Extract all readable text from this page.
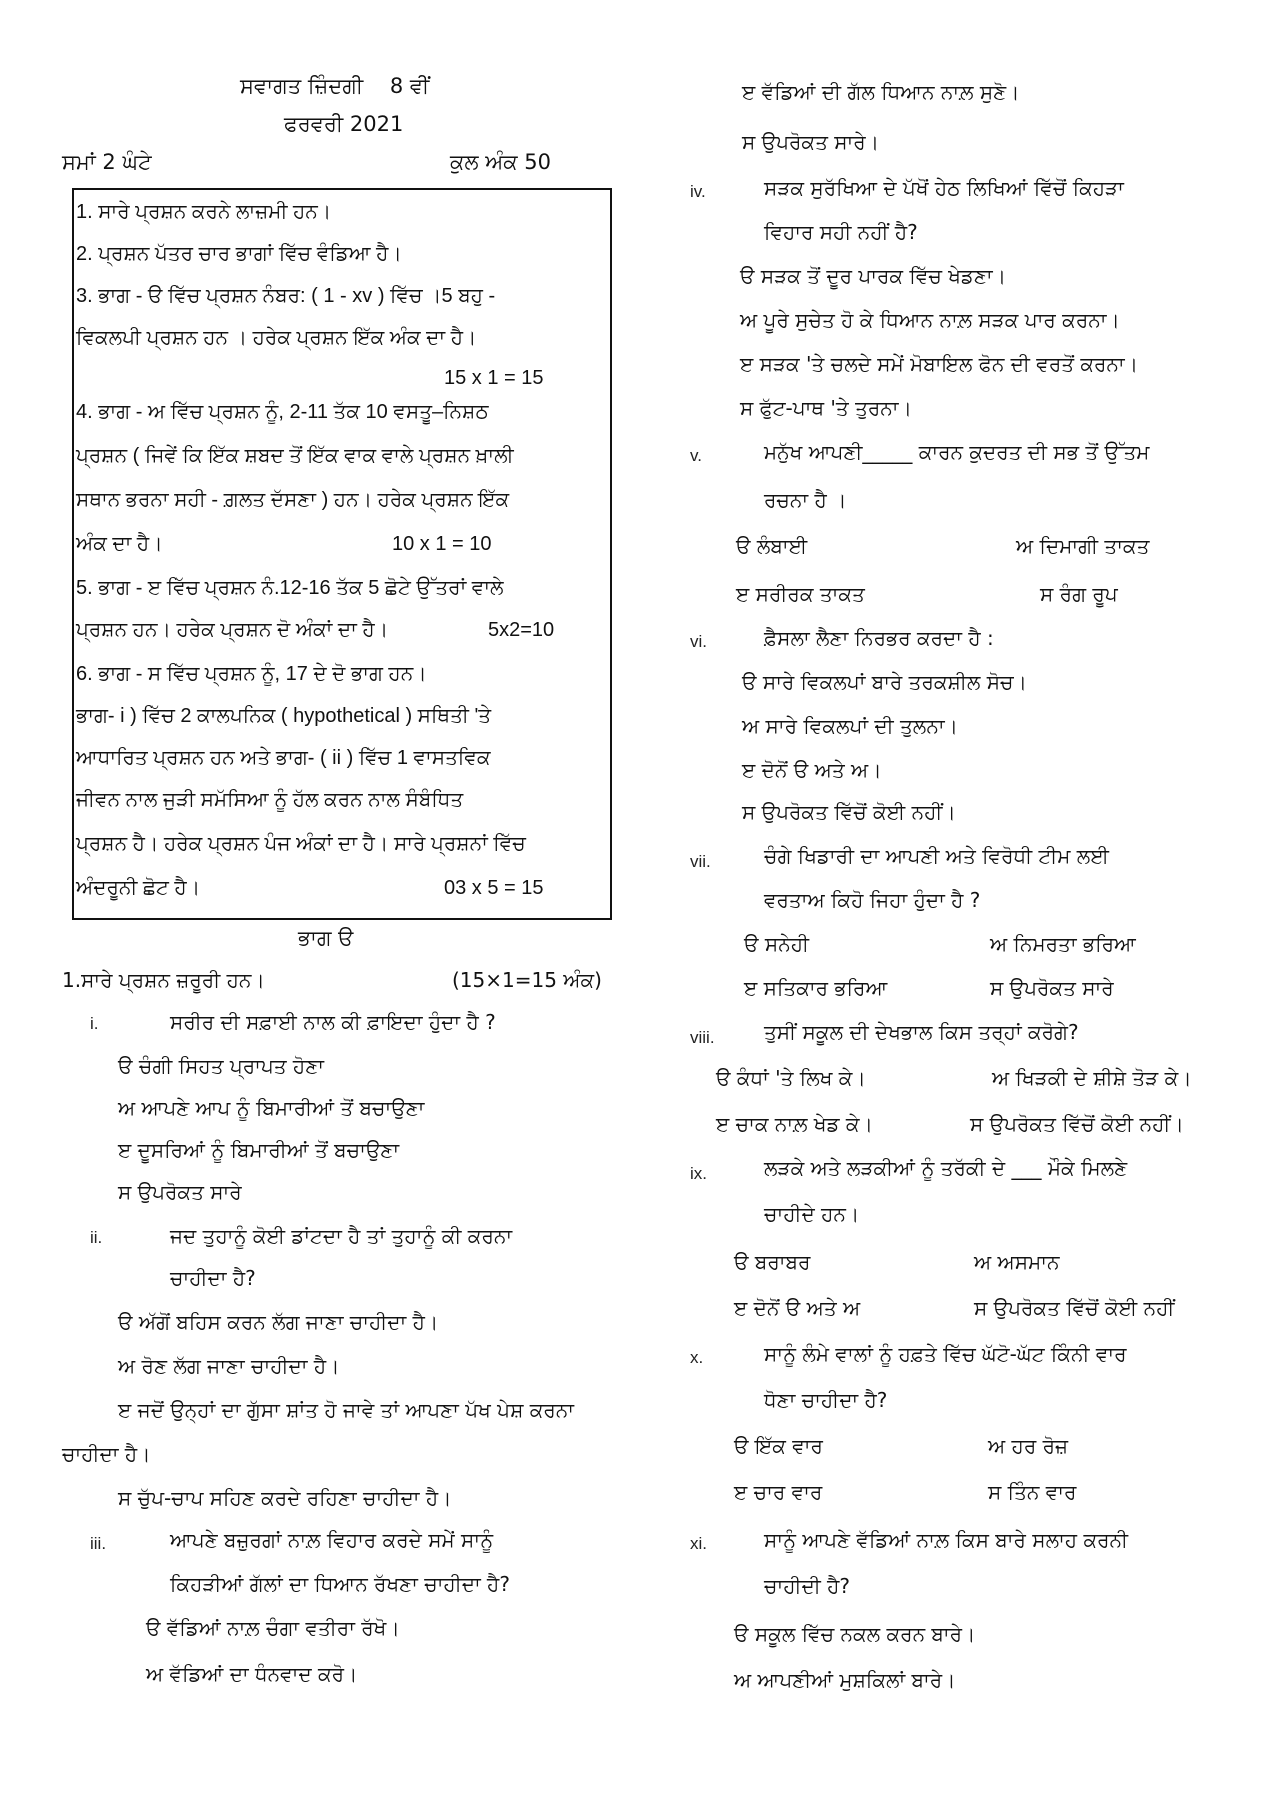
ਸਵਾਗਤ ਜ਼ਿੰਦਗੀ 8 ਵੀਂ
ਫਰਵਰੀ 2021
ਸਮਾਂ 2 ਘੰਟੇ	ਕੁਲ ਅੰਕ 50
1. ਸਾਰੇ ਪ੍ਰਸ਼ਨ ਕਰਨੇ ਲਾਜ਼ਮੀ ਹਨ।
2. ਪ੍ਰਸ਼ਨ ਪੱਤਰ ਚਾਰ ਭਾਗਾਂ ਵਿੱਚ ਵੰਡਿਆ ਹੈ।
3. ਭਾਗ - ੳ ਵਿੱਚ ਪ੍ਰਸ਼ਨ ਨੰਬਰ: ( 1 - xv ) ਵਿੱਚ ।5 ਬਹੁ -
ਵਿਕਲਪੀ ਪ੍ਰਸ਼ਨ ਹਨ । ਹਰੇਕ ਪ੍ਰਸ਼ਨ ਇੱਕ ਅੰਕ ਦਾ ਹੈ।
15 x 1 = 15
4. ਭਾਗ - ਅ ਵਿੱਚ ਪ੍ਰਸ਼ਨ ਨੂੰ, 2-11 ਤੱਕ 10 ਵਸਤੂ–ਨਿਸ਼ਠ
ਪ੍ਰਸ਼ਨ ( ਜਿਵੇਂ ਕਿ ਇੱਕ ਸ਼ਬਦ ਤੋਂ ਇੱਕ ਵਾਕ ਵਾਲੇ ਪ੍ਰਸ਼ਨ ਖ਼ਾਲੀ
ਸਥਾਨ ਭਰਨਾ ਸਹੀ - ਗ਼ਲਤ ਦੱਸਣਾ ) ਹਨ। ਹਰੇਕ ਪ੍ਰਸ਼ਨ ਇੱਕ
ਅੰਕ ਦਾ ਹੈ।	10 x 1 = 10
5. ਭਾਗ - ੲ ਵਿੱਚ ਪ੍ਰਸ਼ਨ ਨੰ.12-16 ਤੱਕ 5 ਛੋਟੇ ਉੱਤਰਾਂ ਵਾਲੇ
ਪ੍ਰਸ਼ਨ ਹਨ। ਹਰੇਕ ਪ੍ਰਸ਼ਨ ਦੋ ਅੰਕਾਂ ਦਾ ਹੈ।	5x2=10
6. ਭਾਗ - ਸ ਵਿੱਚ ਪ੍ਰਸ਼ਨ ਨੂੰ, 17 ਦੇ ਦੋ ਭਾਗ ਹਨ।
ਭਾਗ- i ) ਵਿੱਚ 2 ਕਾਲਪਨਿਕ ( hypothetical ) ਸਥਿਤੀ 'ਤੇ
ਆਧਾਰਿਤ ਪ੍ਰਸ਼ਨ ਹਨ ਅਤੇ ਭਾਗ- ( ii ) ਵਿੱਚ 1 ਵਾਸਤਵਿਕ
ਜੀਵਨ ਨਾਲ ਜੁੜੀ ਸਮੱਸਿਆ ਨੂੰ ਹੱਲ ਕਰਨ ਨਾਲ ਸੰਬੰਧਿਤ
ਪ੍ਰਸ਼ਨ ਹੈ। ਹਰੇਕ ਪ੍ਰਸ਼ਨ ਪੰਜ ਅੰਕਾਂ ਦਾ ਹੈ। ਸਾਰੇ ਪ੍ਰਸ਼ਨਾਂ ਵਿੱਚ
ਅੰਦਰੂਨੀ ਛੋਟ ਹੈ।	03 x 5 = 15
ਭਾਗ ੳ
1.ਸਾਰੇ ਪ੍ਰਸ਼ਨ ਜ਼ਰੂਰੀ ਹਨ।	(15×1=15 ਅੰਕ)
i.	ਸਰੀਰ ਦੀ ਸਫ਼ਾਈ ਨਾਲ ਕੀ ਫ਼ਾਇਦਾ ਹੁੰਦਾ ਹੈ ?
ੳ ਚੰਗੀ ਸਿਹਤ ਪ੍ਰਾਪਤ ਹੋਣਾ
ਅ ਆਪਣੇ ਆਪ ਨੂੰ ਬਿਮਾਰੀਆਂ ਤੋਂ ਬਚਾਉਣਾ
ੲ ਦੂਸਰਿਆਂ ਨੂੰ ਬਿਮਾਰੀਆਂ ਤੋਂ ਬਚਾਉਣਾ
ਸ ਉਪਰੋਕਤ ਸਾਰੇ
ii.	ਜਦ ਤੁਹਾਨੂੰ ਕੋਈ ਡਾਂਟਦਾ ਹੈ ਤਾਂ ਤੁਹਾਨੂੰ ਕੀ ਕਰਨਾ
ਚਾਹੀਦਾ ਹੈ?
ੳ ਅੱਗੋਂ ਬਹਿਸ ਕਰਨ ਲੱਗ ਜਾਣਾ ਚਾਹੀਦਾ ਹੈ।
ਅ ਰੋਣ ਲੱਗ ਜਾਣਾ ਚਾਹੀਦਾ ਹੈ।
ੲ ਜਦੋਂ ਉਨ੍ਹਾਂ ਦਾ ਗੁੱਸਾ ਸ਼ਾਂਤ ਹੋ ਜਾਵੇ ਤਾਂ ਆਪਣਾ ਪੱਖ ਪੇਸ਼ ਕਰਨਾ
ਚਾਹੀਦਾ ਹੈ।
ਸ ਚੁੱਪ-ਚਾਪ ਸਹਿਣ ਕਰਦੇ ਰਹਿਣਾ ਚਾਹੀਦਾ ਹੈ।
iii.	ਆਪਣੇ ਬਜ਼ੁਰਗਾਂ ਨਾਲ਼ ਵਿਹਾਰ ਕਰਦੇ ਸਮੇਂ ਸਾਨੂੰ
ਕਿਹੜੀਆਂ ਗੱਲਾਂ ਦਾ ਧਿਆਨ ਰੱਖਣਾ ਚਾਹੀਦਾ ਹੈ?
ੳ ਵੱਡਿਆਂ ਨਾਲ਼ ਚੰਗਾ ਵਤੀਰਾ ਰੱਖੋ।
ਅ ਵੱਡਿਆਂ ਦਾ ਧੰਨਵਾਦ ਕਰੋ।
ੲ ਵੱਡਿਆਂ ਦੀ ਗੱਲ ਧਿਆਨ ਨਾਲ਼ ਸੁਣੋ।
ਸ ਉਪਰੋਕਤ ਸਾਰੇ।
iv.	ਸੜਕ ਸੁਰੱਖਿਆ ਦੇ ਪੱਖੋਂ ਹੇਠ ਲਿਖਿਆਂ ਵਿੱਚੋਂ ਕਿਹੜਾ
ਵਿਹਾਰ ਸਹੀ ਨਹੀਂ ਹੈ?
ੳ ਸੜਕ ਤੋਂ ਦੂਰ ਪਾਰਕ ਵਿੱਚ ਖੇਡਣਾ।
ਅ ਪੂਰੇ ਸੁਚੇਤ ਹੋ ਕੇ ਧਿਆਨ ਨਾਲ਼ ਸੜਕ ਪਾਰ ਕਰਨਾ।
ੲ ਸੜਕ 'ਤੇ ਚਲਦੇ ਸਮੇਂ ਮੋਬਾਇਲ ਫੋਨ ਦੀ ਵਰਤੋਂ ਕਰਨਾ।
ਸ ਫੁੱਟ-ਪਾਥ 'ਤੇ ਤੁਰਨਾ।
v.	ਮਨੁੱਖ ਆਪਣੀ_____ ਕਾਰਨ ਕੁਦਰਤ ਦੀ ਸਭ ਤੋਂ ਉੱਤਮ
ਰਚਨਾ ਹੈ ।
ੳ ਲੰਬਾਈ	ਅ ਦਿਮਾਗੀ ਤਾਕਤ
ੲ ਸਰੀਰਕ ਤਾਕਤ	ਸ ਰੰਗ ਰੂਪ
vi.	ਫ਼ੈਸਲਾ ਲੈਣਾ ਨਿਰਭਰ ਕਰਦਾ ਹੈ :
ੳ ਸਾਰੇ ਵਿਕਲਪਾਂ ਬਾਰੇ ਤਰਕਸ਼ੀਲ ਸੋਚ।
ਅ ਸਾਰੇ ਵਿਕਲਪਾਂ ਦੀ ਤੁਲਨਾ।
ੲ ਦੋਨੋਂ ੳ ਅਤੇ ਅ।
ਸ ਉਪਰੋਕਤ ਵਿੱਚੋਂ ਕੋਈ ਨਹੀਂ।
vii.	ਚੰਗੇ ਖਿਡਾਰੀ ਦਾ ਆਪਣੀ ਅਤੇ ਵਿਰੋਧੀ ਟੀਮ ਲਈ
ਵਰਤਾਅ ਕਿਹੋ ਜਿਹਾ ਹੁੰਦਾ ਹੈ ?
ੳ ਸਨੇਹੀ	ਅ ਨਿਮਰਤਾ ਭਰਿਆ
ੲ ਸਤਿਕਾਰ ਭਰਿਆ	ਸ ਉਪਰੋਕਤ ਸਾਰੇ
viii. ਤੁਸੀਂ ਸਕੂਲ ਦੀ ਦੇਖਭਾਲ ਕਿਸ ਤਰ੍ਹਾਂ ਕਰੋਗੇ?
ੳ ਕੰਧਾਂ 'ਤੇ ਲਿਖ ਕੇ।	ਅ ਖਿੜਕੀ ਦੇ ਸ਼ੀਸ਼ੇ ਤੋੜ ਕੇ।
ੲ ਚਾਕ ਨਾਲ਼ ਖੇਡ ਕੇ।	ਸ ਉਪਰੋਕਤ ਵਿੱਚੋਂ ਕੋਈ ਨਹੀਂ।
ix.	ਲੜਕੇ ਅਤੇ ਲੜਕੀਆਂ ਨੂੰ ਤਰੱਕੀ ਦੇ ___ ਮੌਕੇ ਮਿਲਣੇ
ਚਾਹੀਦੇ ਹਨ।
ੳ ਬਰਾਬਰ	ਅ ਅਸਮਾਨ
ੲ ਦੋਨੋਂ ੳ ਅਤੇ ਅ	ਸ ਉਪਰੋਕਤ ਵਿੱਚੋਂ ਕੋਈ ਨਹੀਂ
x.	ਸਾਨੂੰ ਲੰਮੇ ਵਾਲਾਂ ਨੂੰ ਹਫ਼ਤੇ ਵਿੱਚ ਘੱਟੋ-ਘੱਟ ਕਿੰਨੀ ਵਾਰ
ਧੋਣਾ ਚਾਹੀਦਾ ਹੈ?
ੳ ਇੱਕ ਵਾਰ	ਅ ਹਰ ਰੋਜ਼
ੲ ਚਾਰ ਵਾਰ	ਸ ਤਿੰਨ ਵਾਰ
xi.	ਸਾਨੂੰ ਆਪਣੇ ਵੱਡਿਆਂ ਨਾਲ਼ ਕਿਸ ਬਾਰੇ ਸਲਾਹ ਕਰਨੀ
ਚਾਹੀਦੀ ਹੈ?
ੳ ਸਕੂਲ ਵਿੱਚ ਨਕਲ ਕਰਨ ਬਾਰੇ।
ਅ ਆਪਣੀਆਂ ਮੁਸ਼ਕਿਲਾਂ ਬਾਰੇ।
